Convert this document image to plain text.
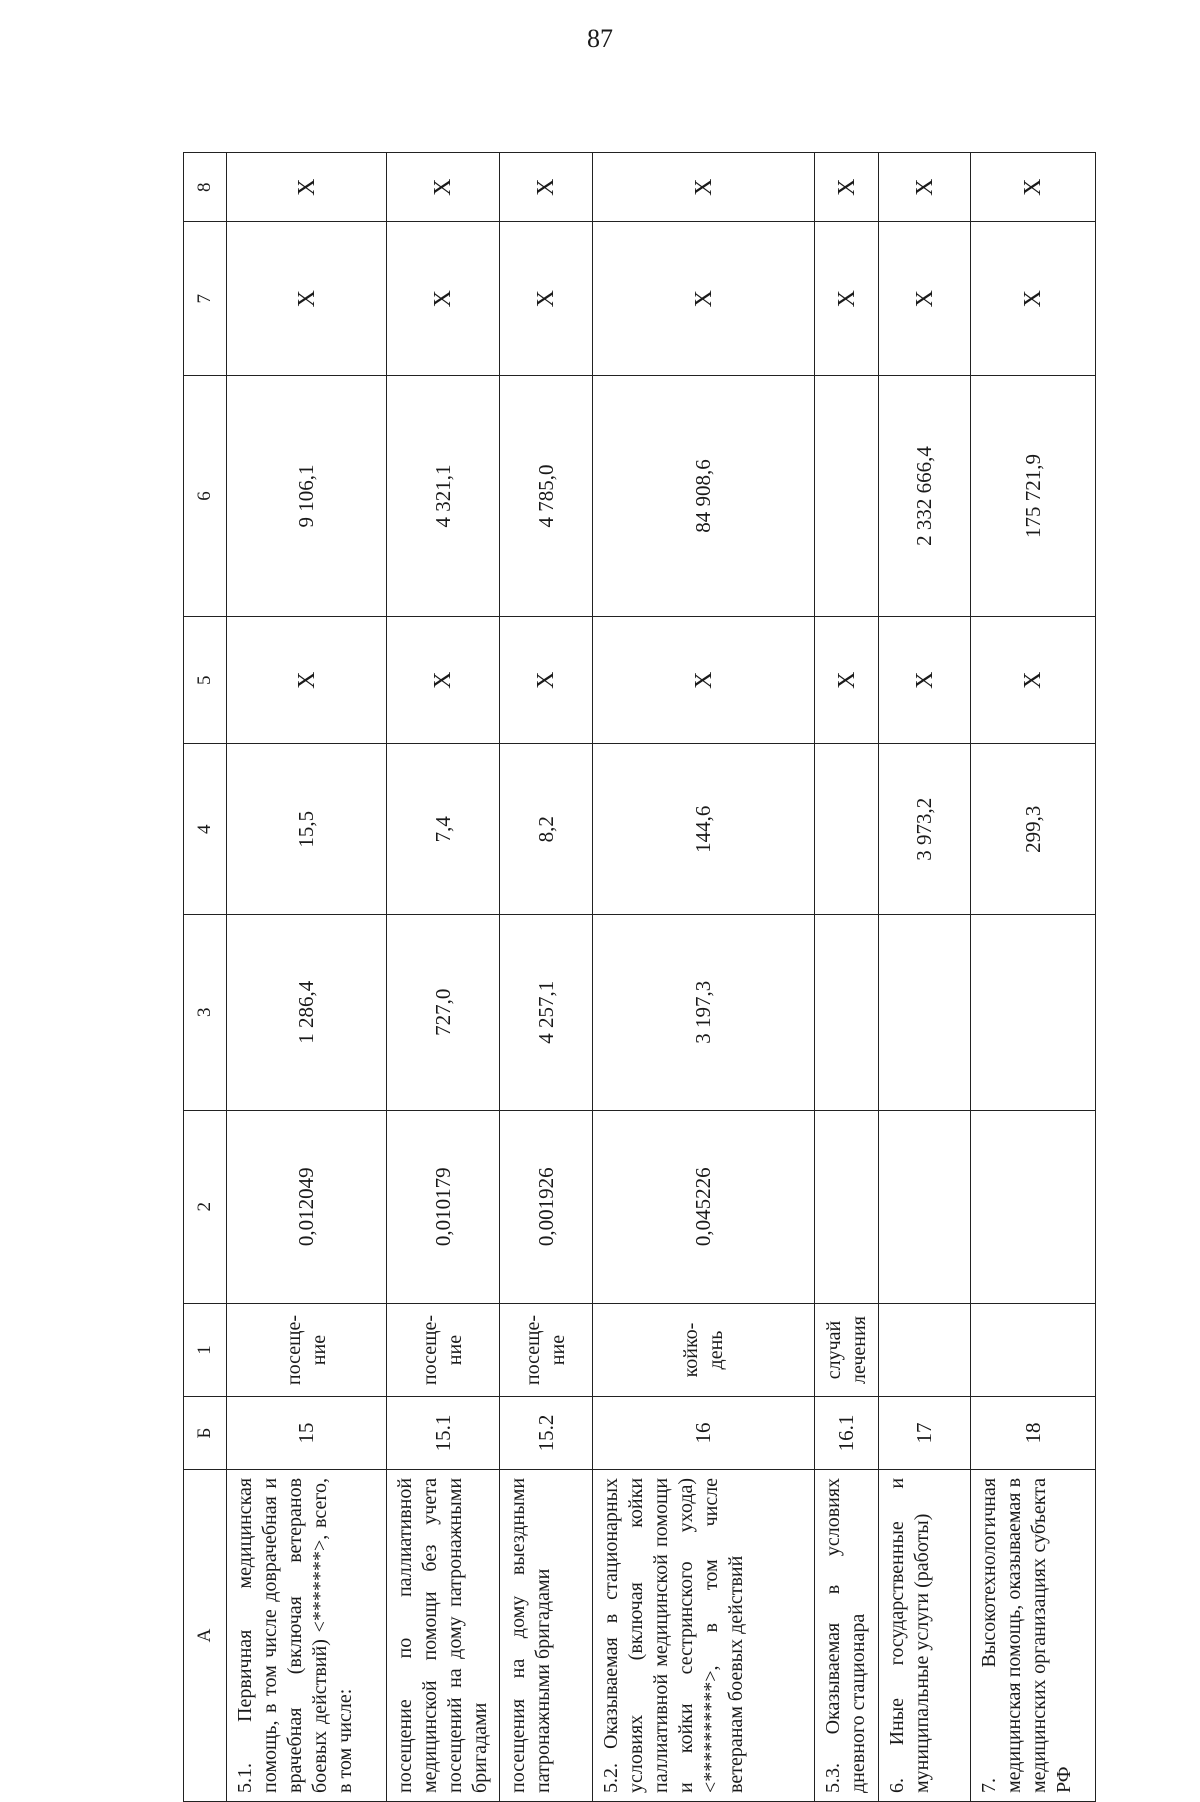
87
А	Б	1	2	3	4	5	6	7	8
5.1. Первичная медицинская помощь, в том числе доврачебная и врачебная (включая ветеранов боевых действий) <*******>, всего, в том числе:	15	посеще-ние	0,012049	1 286,4	15,5	X	9 106,1	X	X
посещение по паллиативной медицинской помощи без учета посещений на дому патронажными бригадами	15.1	посеще-ние	0,010179	727,0	7,4	X	4 321,1	X	X
посещения на дому выездными патронажными бригадами	15.2	посеще-ние	0,001926	4 257,1	8,2	X	4 785,0	X	X
5.2. Оказываемая в стационарных условиях (включая койки паллиативной медицинской помощи и койки сестринского ухода) <**********>, в том числе ветеранам боевых действий	16	койко-день	0,045226	3 197,3	144,6	X	84 908,6	X	X
5.3. Оказываемая в условиях дневного стационара	16.1	случай лечения				X		X	X
6. Иные государственные и муниципальные услуги (работы)	17				3 973,2	X	2 332 666,4	X	X
7. Высокотехнологичная медицинская помощь, оказываемая в медицинских организациях субъекта РФ	18				299,3	X	175 721,9	X	X
